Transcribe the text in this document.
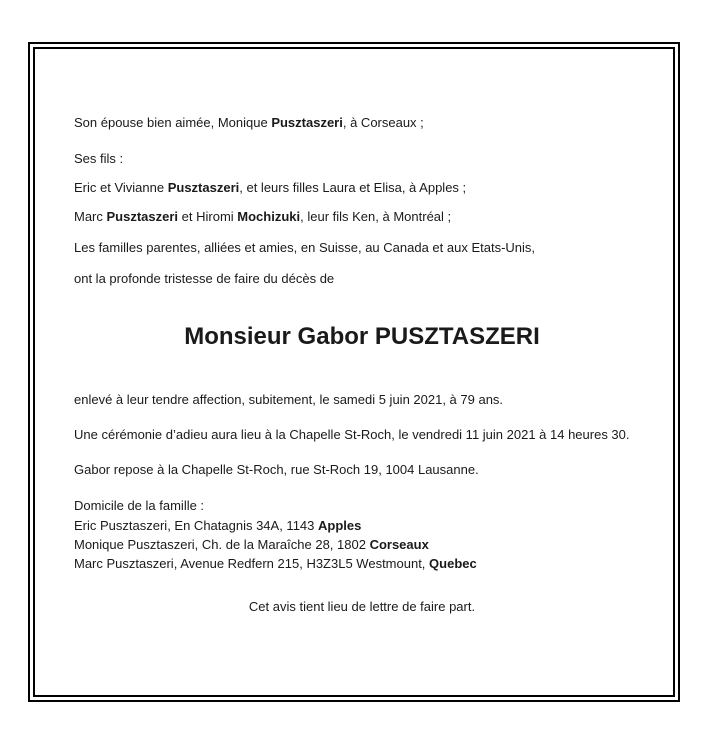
Son épouse bien aimée, Monique Pusztaszeri, à Corseaux ;
Ses fils :
Eric et Vivianne Pusztaszeri, et leurs filles Laura et Elisa, à Apples ;
Marc Pusztaszeri et Hiromi Mochizuki, leur fils Ken, à Montréal ;
Les familles parentes, alliées et amies, en Suisse, au Canada et aux Etats-Unis,
ont la profonde tristesse de faire du décès de
Monsieur Gabor PUSZTASZERI
enlevé à leur tendre affection, subitement, le samedi 5 juin 2021, à 79 ans.
Une cérémonie d’adieu aura lieu à la Chapelle St-Roch, le vendredi 11 juin 2021 à 14 heures 30.
Gabor repose à la Chapelle St-Roch, rue St-Roch 19, 1004 Lausanne.
Domicile de la famille :
Eric Pusztaszeri, En Chatagnis 34A, 1143 Apples
Monique Pusztaszeri, Ch. de la Maraîche 28, 1802 Corseaux
Marc Pusztaszeri, Avenue Redfern 215, H3Z3L5 Westmount, Quebec
Cet avis tient lieu de lettre de faire part.
